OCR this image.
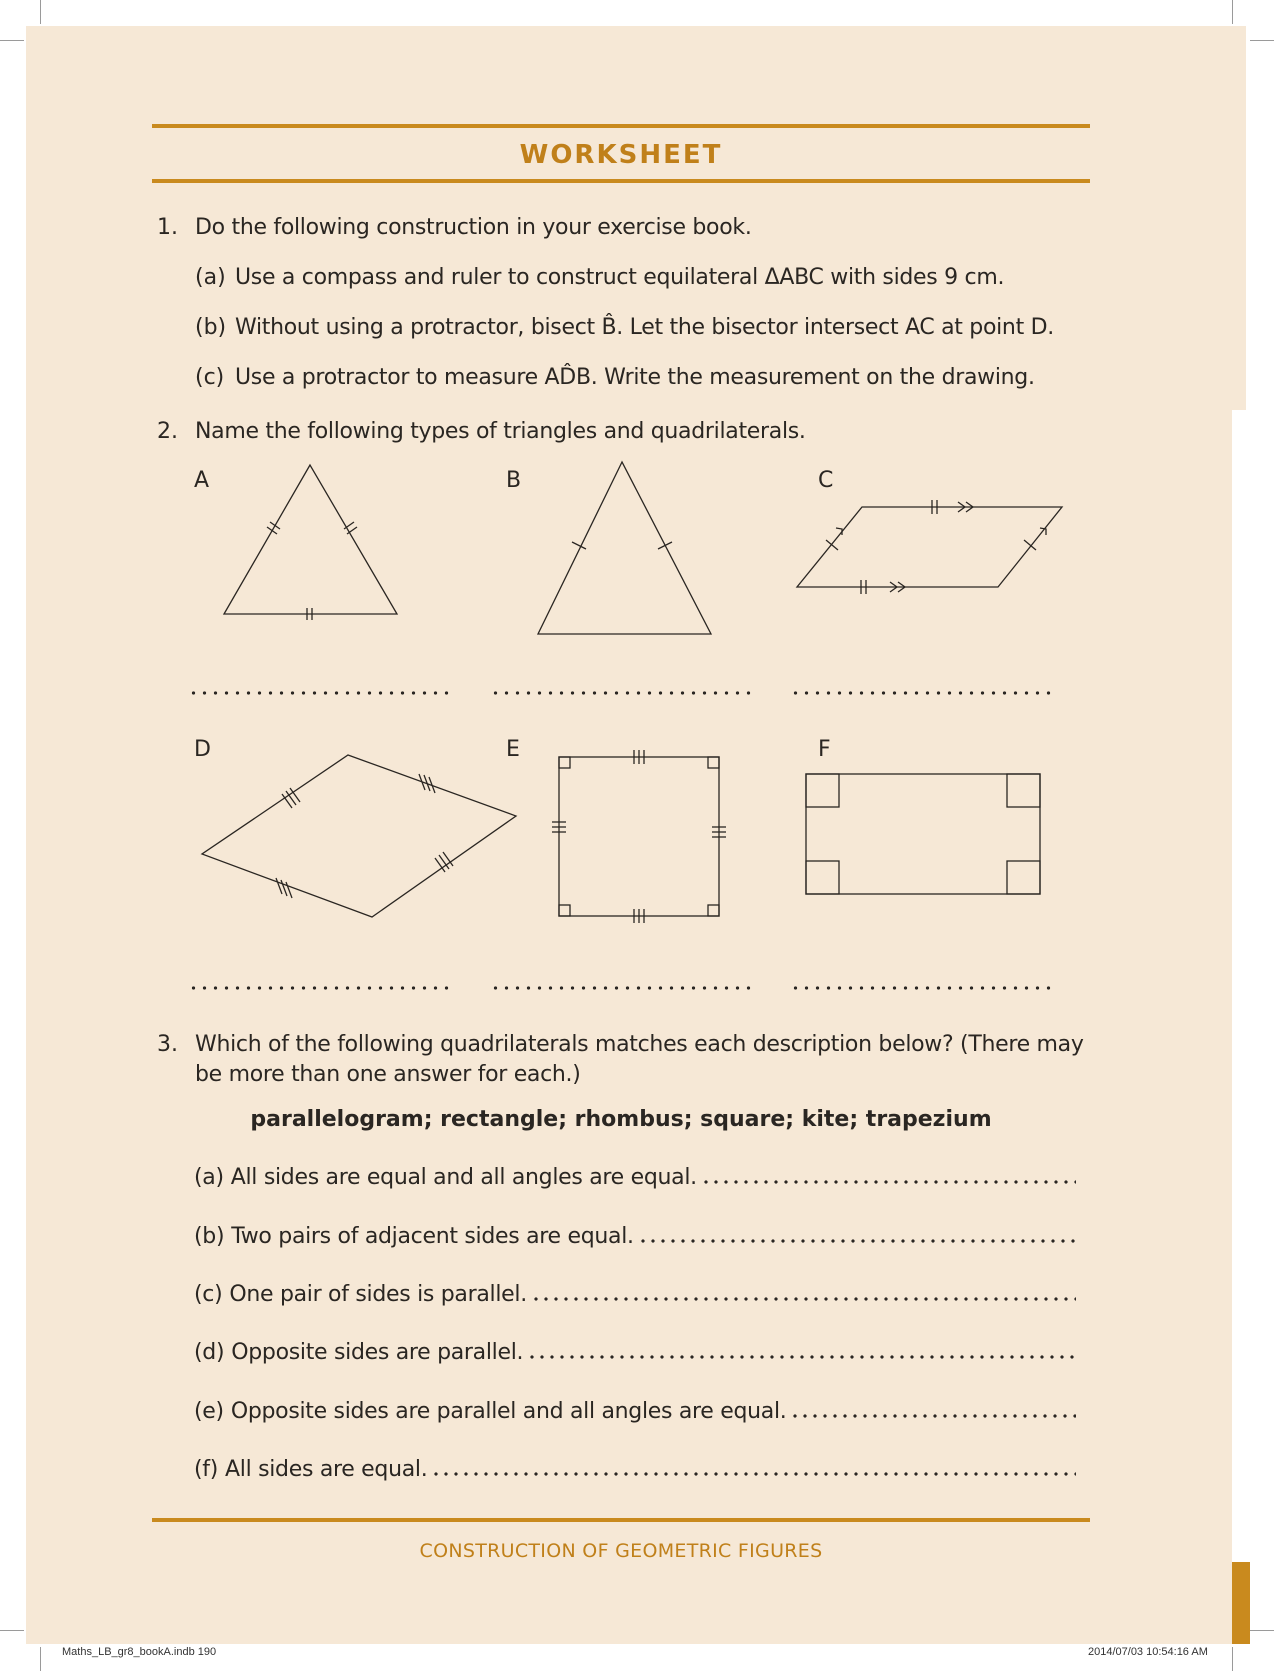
WORKSHEET
1. Do the following construction in your exercise book.
(a) Use a compass and ruler to construct equilateral ΔABC with sides 9 cm.
(b) Without using a protractor, bisect B̂. Let the bisector intersect AC at point D.
(c) Use a protractor to measure AD̂B. Write the measurement on the drawing.
2. Name the following types of triangles and quadrilaterals.
A	B	C
D	E	F
3. Which of the following quadrilaterals matches each description below? (There may
be more than one answer for each.)
parallelogram; rectangle; rhombus; square; kite; trapezium
(a)
All sides are equal and all angles are equal.
(b)
Two pairs of adjacent sides are equal.
(c)
One pair of sides is parallel.
(d)
Opposite sides are parallel.
(e)
Opposite sides are parallel and all angles are equal.
(f)
All sides are equal.
CONSTRUCTION OF GEOMETRIC FIGURES
Maths_LB_gr8_bookA.indb 190	2014/07/03 10:54:16 AM
